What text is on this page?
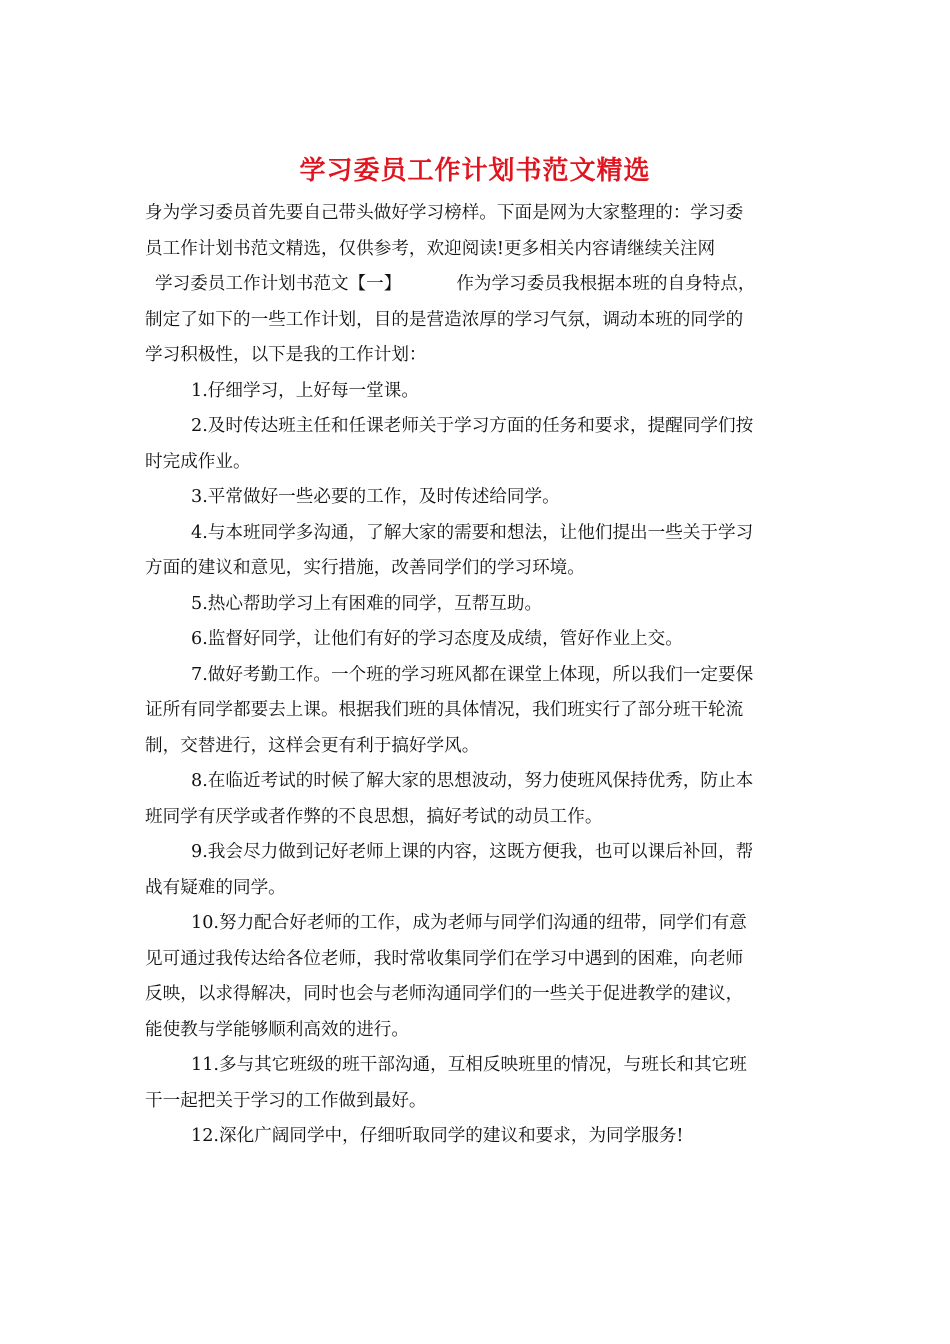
学习委员工作计划书范文精选
身为学习委员首先要自己带头做好学习榜样。下面是网为大家整理的：学习委
员工作计划书范文精选，仅供参考，欢迎阅读!更多相关内容请继续关注网
学习委员工作计划书范文【一】	作为学习委员我根据本班的自身特点，
制定了如下的一些工作计划，目的是营造浓厚的学习气氛，调动本班的同学的
学习积极性，以下是我的工作计划：
1.仔细学习，上好每一堂课。
2.及时传达班主任和任课老师关于学习方面的任务和要求，提醒同学们按
时完成作业。
3.平常做好一些必要的工作，及时传述给同学。
4.与本班同学多沟通，了解大家的需要和想法，让他们提出一些关于学习
方面的建议和意见，实行措施，改善同学们的学习环境。
5.热心帮助学习上有困难的同学，互帮互助。
6.监督好同学，让他们有好的学习态度及成绩，管好作业上交。
7.做好考勤工作。一个班的学习班风都在课堂上体现，所以我们一定要保
证所有同学都要去上课。根据我们班的具体情况，我们班实行了部分班干轮流
制，交替进行，这样会更有利于搞好学风。
8.在临近考试的时候了解大家的思想波动，努力使班风保持优秀，防止本
班同学有厌学或者作弊的不良思想，搞好考试的动员工作。
9.我会尽力做到记好老师上课的内容，这既方便我，也可以课后补回，帮
战有疑难的同学。
10.努力配合好老师的工作，成为老师与同学们沟通的纽带，同学们有意
见可通过我传达给各位老师，我时常收集同学们在学习中遇到的困难，向老师
反映，以求得解决，同时也会与老师沟通同学们的一些关于促进教学的建议，
能使教与学能够顺利高效的进行。
11.多与其它班级的班干部沟通，互相反映班里的情况，与班长和其它班
干一起把关于学习的工作做到最好。
12.深化广阔同学中，仔细听取同学的建议和要求，为同学服务!
